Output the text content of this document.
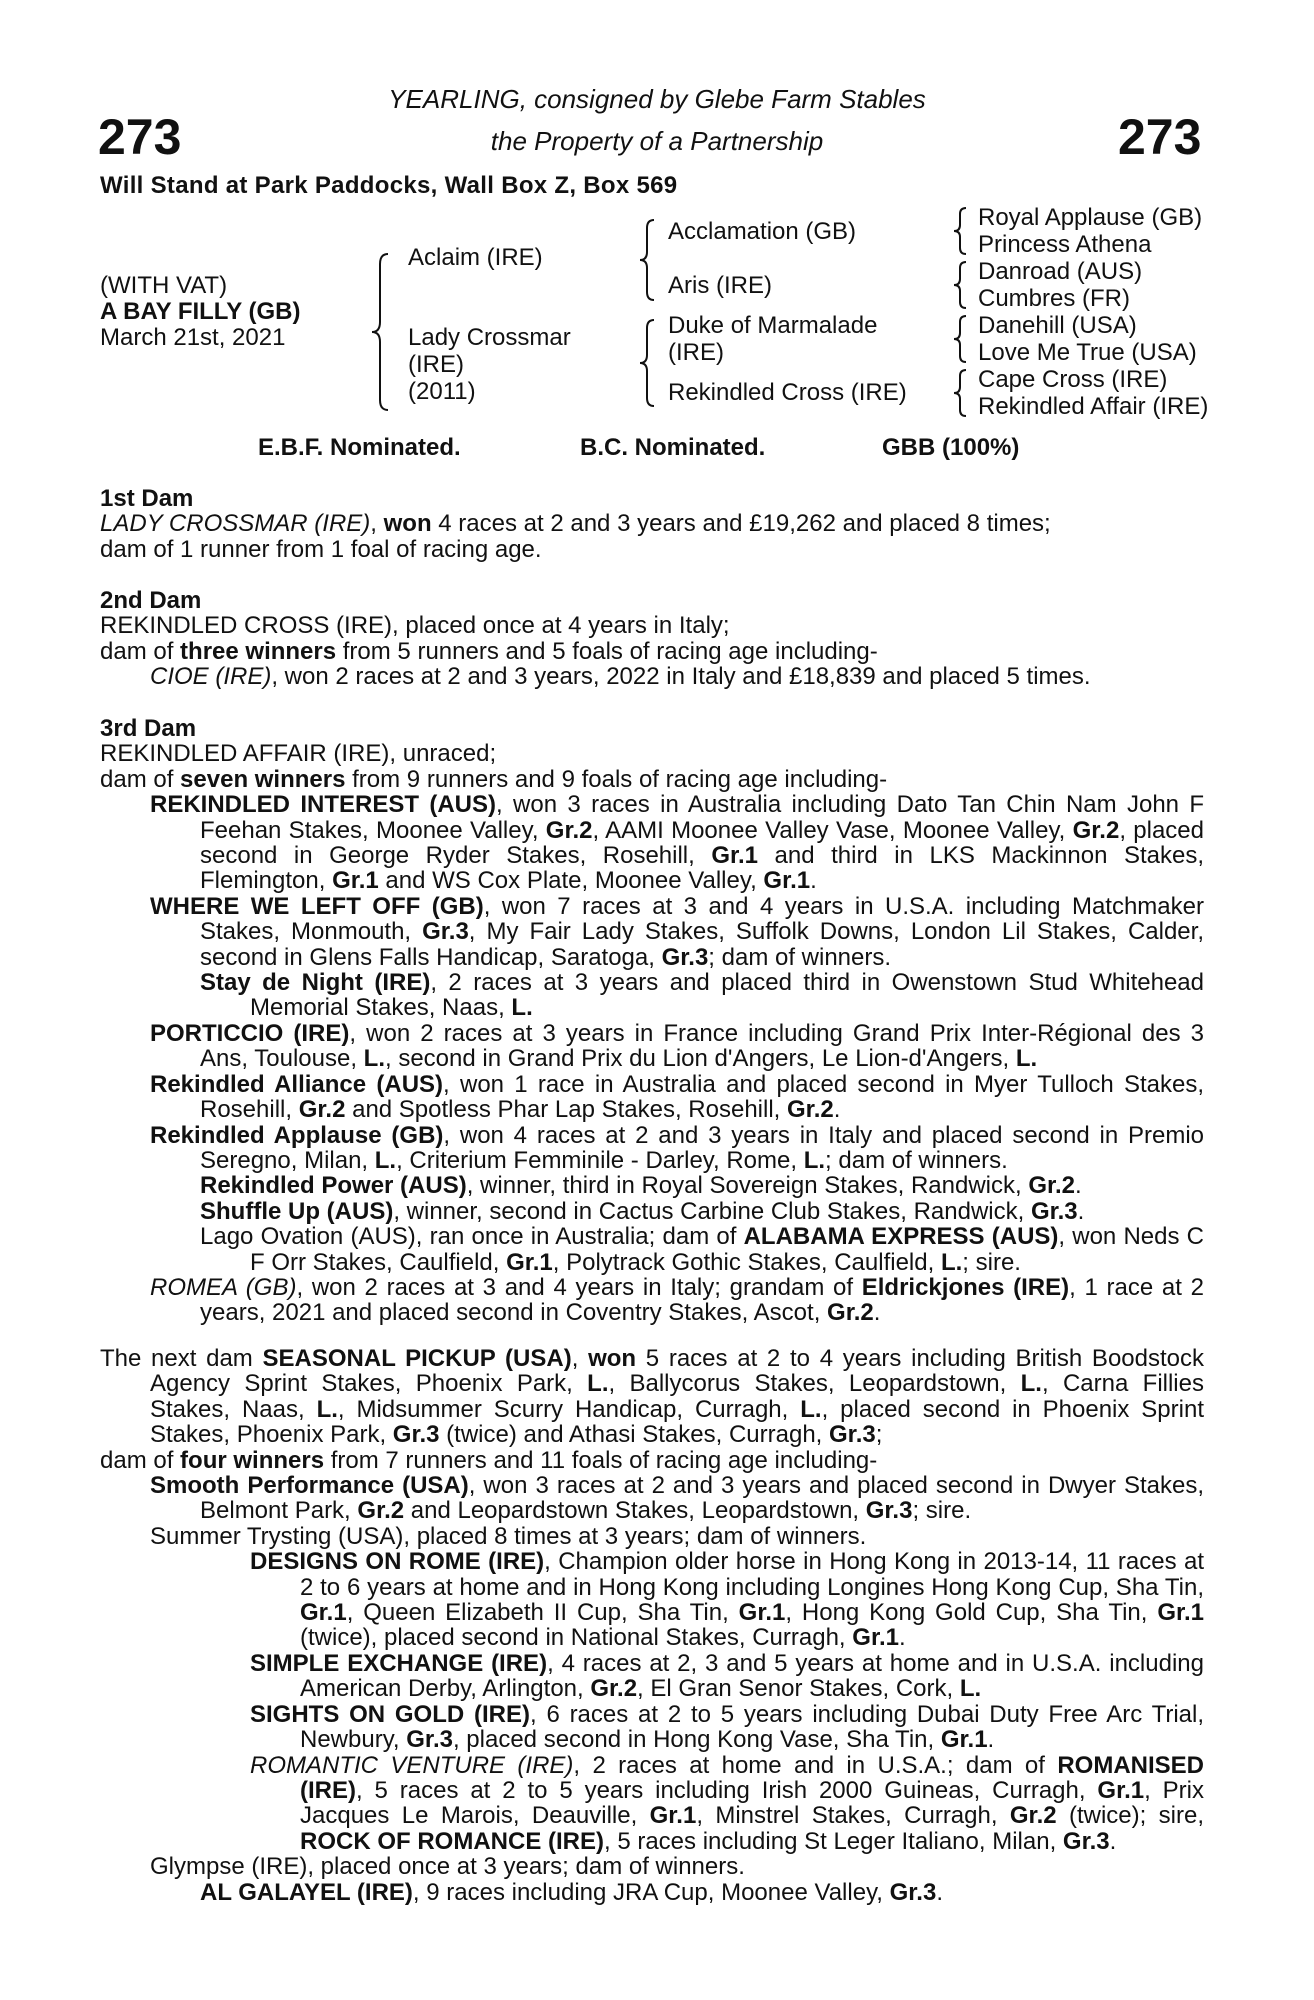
273	273
YEARLING, consigned by Glebe Farm Stables
the Property of a Partnership
Will Stand at Park Paddocks, Wall Box Z, Box 569
(WITH VAT)
A BAY FILLY (GB)
March 21st, 2021
Aclaim (IRE)
Lady Crossmar
(IRE)
(2011)
Acclamation (GB)
Aris (IRE)
Duke of Marmalade
(IRE)
Rekindled Cross (IRE)
Royal Applause (GB)
Princess Athena
Danroad (AUS)
Cumbres (FR)
Danehill (USA)
Love Me True (USA)
Cape Cross (IRE)
Rekindled Affair (IRE)
E.B.F. Nominated.	B.C. Nominated.	GBB (100%)

1st Dam

LADY CROSSMAR (IRE), won 4 races at 2 and 3 years and £19,262 and placed 8 times;

dam of 1 runner from 1 foal of racing age.

2nd Dam

REKINDLED CROSS (IRE), placed once at 4 years in Italy;

dam of three winners from 5 runners and 5 foals of racing age including-

CIOE (IRE), won 2 races at 2 and 3 years, 2022 in Italy and £18,839 and placed 5 times.

3rd Dam

REKINDLED AFFAIR (IRE), unraced;

dam of seven winners from 9 runners and 9 foals of racing age including-

REKINDLED INTEREST (AUS), won 3 races in Australia including Dato Tan Chin Nam John F Feehan Stakes, Moonee Valley, Gr.2, AAMI Moonee Valley Vase, Moonee Valley, Gr.2, placed second in George Ryder Stakes, Rosehill, Gr.1 and third in LKS Mackinnon Stakes, Flemington, Gr.1 and WS Cox Plate, Moonee Valley, Gr.1.

WHERE WE LEFT OFF (GB), won 7 races at 3 and 4 years in U.S.A. including Matchmaker Stakes, Monmouth, Gr.3, My Fair Lady Stakes, Suffolk Downs, London Lil Stakes, Calder, second in Glens Falls Handicap, Saratoga, Gr.3; dam of winners.

Stay de Night (IRE), 2 races at 3 years and placed third in Owenstown Stud Whitehead Memorial Stakes, Naas, L.

PORTICCIO (IRE), won 2 races at 3 years in France including Grand Prix Inter-Régional des 3 Ans, Toulouse, L., second in Grand Prix du Lion d'Angers, Le Lion-d'Angers, L.

Rekindled Alliance (AUS), won 1 race in Australia and placed second in Myer Tulloch Stakes, Rosehill, Gr.2 and Spotless Phar Lap Stakes, Rosehill, Gr.2.

Rekindled Applause (GB), won 4 races at 2 and 3 years in Italy and placed second in Premio Seregno, Milan, L., Criterium Femminile - Darley, Rome, L.; dam of winners.

Rekindled Power (AUS), winner, third in Royal Sovereign Stakes, Randwick, Gr.2.

Shuffle Up (AUS), winner, second in Cactus Carbine Club Stakes, Randwick, Gr.3.

Lago Ovation (AUS), ran once in Australia; dam of ALABAMA EXPRESS (AUS), won Neds C F Orr Stakes, Caulfield, Gr.1, Polytrack Gothic Stakes, Caulfield, L.; sire.

ROMEA (GB), won 2 races at 3 and 4 years in Italy; grandam of Eldrickjones (IRE), 1 race at 2 years, 2021 and placed second in Coventry Stakes, Ascot, Gr.2.

The next dam SEASONAL PICKUP (USA), won 5 races at 2 to 4 years including British Boodstock Agency Sprint Stakes, Phoenix Park, L., Ballycorus Stakes, Leopardstown, L., Carna Fillies Stakes, Naas, L., Midsummer Scurry Handicap, Curragh, L., placed second in Phoenix Sprint Stakes, Phoenix Park, Gr.3 (twice) and Athasi Stakes, Curragh, Gr.3;

dam of four winners from 7 runners and 11 foals of racing age including-

Smooth Performance (USA), won 3 races at 2 and 3 years and placed second in Dwyer Stakes, Belmont Park, Gr.2 and Leopardstown Stakes, Leopardstown, Gr.3; sire.

Summer Trysting (USA), placed 8 times at 3 years; dam of winners.

DESIGNS ON ROME (IRE), Champion older horse in Hong Kong in 2013-14, 11 races at 2 to 6 years at home and in Hong Kong including Longines Hong Kong Cup, Sha Tin, Gr.1, Queen Elizabeth II Cup, Sha Tin, Gr.1, Hong Kong Gold Cup, Sha Tin, Gr.1 (twice), placed second in National Stakes, Curragh, Gr.1.

SIMPLE EXCHANGE (IRE), 4 races at 2, 3 and 5 years at home and in U.S.A. including American Derby, Arlington, Gr.2, El Gran Senor Stakes, Cork, L.

SIGHTS ON GOLD (IRE), 6 races at 2 to 5 years including Dubai Duty Free Arc Trial, Newbury, Gr.3, placed second in Hong Kong Vase, Sha Tin, Gr.1.

ROMANTIC VENTURE (IRE), 2 races at home and in U.S.A.; dam of ROMANISED (IRE), 5 races at 2 to 5 years including Irish 2000 Guineas, Curragh, Gr.1, Prix Jacques Le Marois, Deauville, Gr.1, Minstrel Stakes, Curragh, Gr.2 (twice); sire, ROCK OF ROMANCE (IRE), 5 races including St Leger Italiano, Milan, Gr.3.

Glympse (IRE), placed once at 3 years; dam of winners.

AL GALAYEL (IRE), 9 races including JRA Cup, Moonee Valley, Gr.3.
